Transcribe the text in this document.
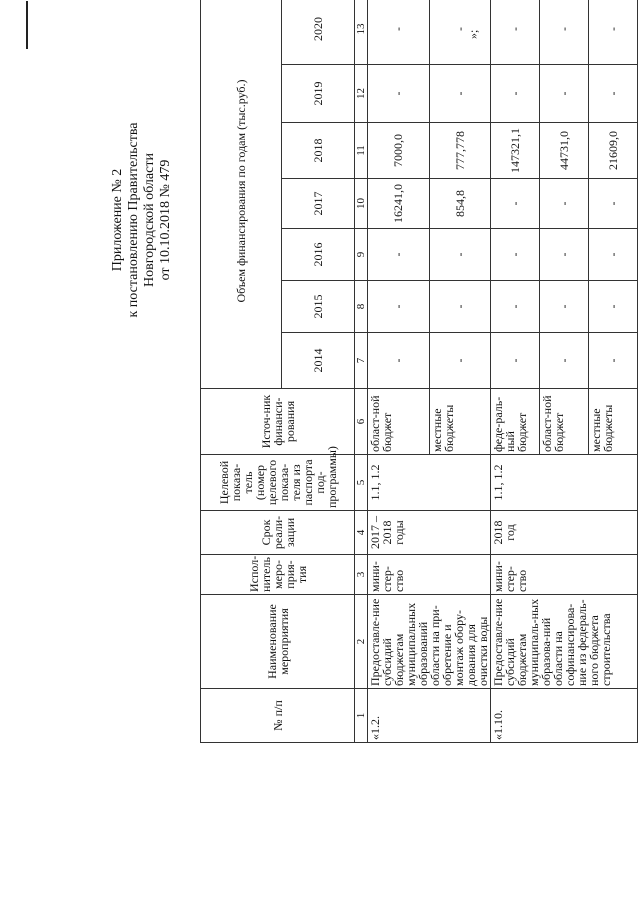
Приложение № 2 к постановлению Правительства Новгородской области от 10.10.2018 № 479
»;
№ п/п	Наименование мероприятия	Испол-нитель меро-прия-тия	Срок реали-зации	Целевой показа-тель (номер целевого показа-теля из паспорта под-программы)	Источ-ник финанси-рования	Объем финансирования по годам (тыс.руб.)						
						2014	2015	2016	2017	2018	2019	2020
1	2	3	4	5	6	7	8	9	10	11	12	13
«1.2.	Предоставле-ние субсидий бюджетам муниципальных образований области на при-обретение и монтаж обору-дования для очистки воды	мини-стер-ство	2017 – 2018 годы	1.1, 1.2	област-ной бюджет	-	-	-	16241,0	7000,0	-	-
					местные бюджеты	-	-	-	854,8	777,778	-	-
«1.10.	Предоставле-ние субсидий бюджетам муниципаль-ных образова-ний области на софинансирова-ние из федераль-ного бюджета строительства	мини-стер-ство	2018 год	1.1, 1.2	феде-раль-ный бюджет	-	-	-	-	147321,1	-	-
					област-ной бюджет	-	-	-	-	44731,0	-	-
					местные бюджеты	-	-	-	-	21609,0	-	-
